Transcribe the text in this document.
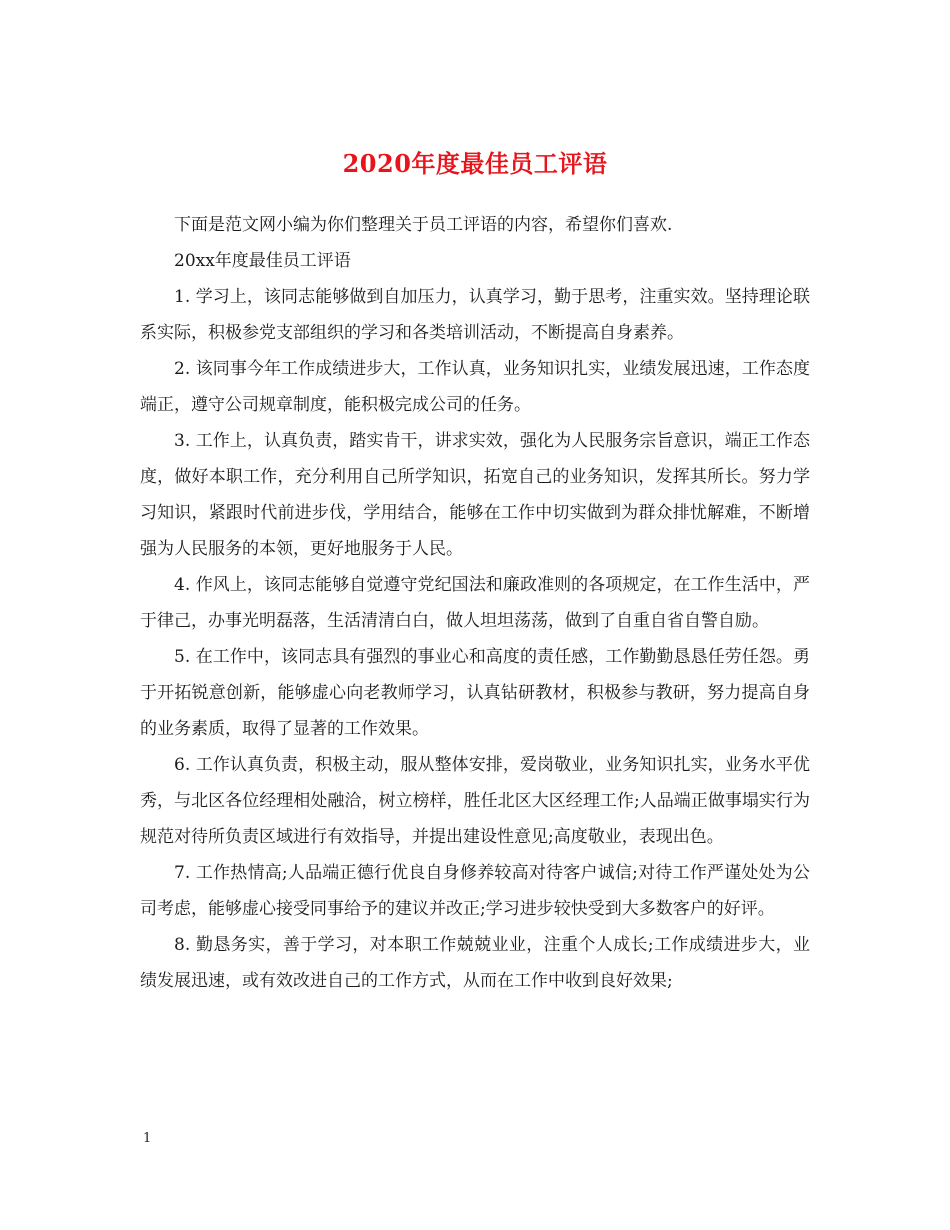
2020年度最佳员工评语

下面是范文网小编为你们整理关于员工评语的内容，希望你们喜欢.

20xx年度最佳员工评语

1. 学习上，该同志能够做到自加压力，认真学习，勤于思考，注重实效。坚持理论联系实际，积极参党支部组织的学习和各类培训活动，不断提高自身素养。

2. 该同事今年工作成绩进步大，工作认真，业务知识扎实，业绩发展迅速，工作态度端正，遵守公司规章制度，能积极完成公司的任务。

3. 工作上，认真负责，踏实肯干，讲求实效，强化为人民服务宗旨意识，端正工作态度，做好本职工作，充分利用自己所学知识，拓宽自己的业务知识，发挥其所长。努力学习知识，紧跟时代前进步伐，学用结合，能够在工作中切实做到为群众排忧解难，不断增强为人民服务的本领，更好地服务于人民。

4. 作风上，该同志能够自觉遵守党纪国法和廉政准则的各项规定，在工作生活中，严于律己，办事光明磊落，生活清清白白，做人坦坦荡荡，做到了自重自省自警自励。

5. 在工作中，该同志具有强烈的事业心和高度的责任感，工作勤勤恳恳任劳任怨。勇于开拓锐意创新，能够虚心向老教师学习，认真钻研教材，积极参与教研，努力提高自身的业务素质，取得了显著的工作效果。

6. 工作认真负责，积极主动，服从整体安排，爱岗敬业，业务知识扎实，业务水平优秀，与北区各位经理相处融洽，树立榜样，胜任北区大区经理工作;人品端正做事塌实行为规范对待所负责区域进行有效指导，并提出建设性意见;高度敬业，表现出色。

7. 工作热情高;人品端正德行优良自身修养较高对待客户诚信;对待工作严谨处处为公司考虑，能够虚心接受同事给予的建议并改正;学习进步较快受到大多数客户的好评。

8. 勤恳务实，善于学习，对本职工作兢兢业业，注重个人成长;工作成绩进步大，业绩发展迅速，或有效改进自己的工作方式，从而在工作中收到良好效果;

1
